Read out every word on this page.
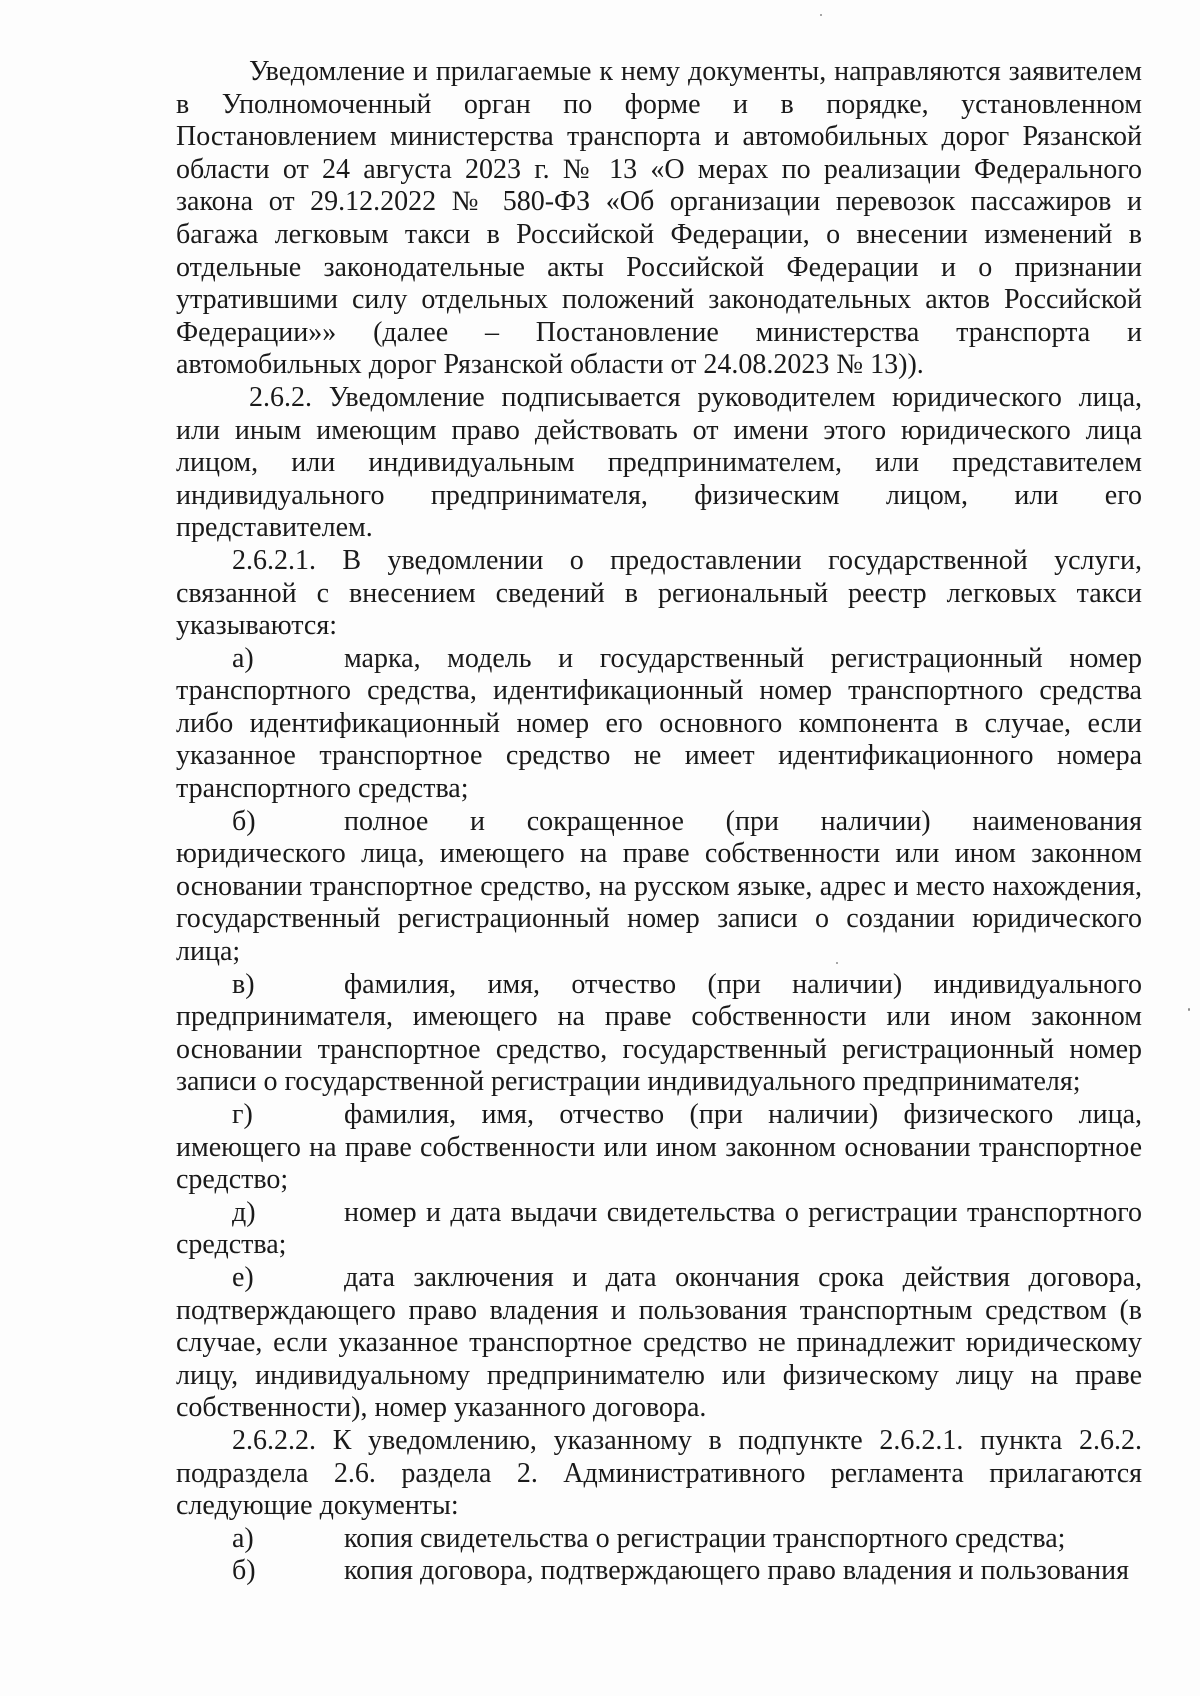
Уведомление и прилагаемые к нему документы, направляются заявителем в Уполномоченный орган по форме и в порядке, установленном Постановлением министерства транспорта и автомобильных дорог Рязанской области от 24 августа 2023 г. № 13 «О мерах по реализации Федерального закона от 29.12.2022 № 580-ФЗ «Об организации перевозок пассажиров и багажа легковым такси в Российской Федерации, о внесении изменений в отдельные законодательные акты Российской Федерации и о признании утратившими силу отдельных положений законодательных актов Российской Федерации»» (далее – Постановление министерства транспорта и автомобильных дорог Рязанской области от 24.08.2023 № 13)).

2.6.2. Уведомление подписывается руководителем юридического лица, или иным имеющим право действовать от имени этого юридического лица лицом, или индивидуальным предпринимателем, или представителем индивидуального предпринимателя, физическим лицом, или его представителем.

2.6.2.1. В уведомлении о предоставлении государственной услуги, связанной с внесением сведений в региональный реестр легковых такси указываются:

а)	марка, модель и государственный регистрационный номер транспортного средства, идентификационный номер транспортного средства либо идентификационный номер его основного компонента в случае, если указанное транспортное средство не имеет идентификационного номера транспортного средства;
б)	полное и сокращенное (при наличии) наименования юридического лица, имеющего на праве собственности или ином законном основании транспортное средство, на русском языке, адрес и место нахождения, государственный регистрационный номер записи о создании юридического лица;
в)	фамилия, имя, отчество (при наличии) индивидуального предпринимателя, имеющего на праве собственности или ином законном основании транспортное средство, государственный регистрационный номер записи о государственной регистрации индивидуального предпринимателя;
г)	фамилия, имя, отчество (при наличии) физического лица, имеющего на праве собственности или ином законном основании транспортное средство;
д)	номер и дата выдачи свидетельства о регистрации транспортного средства;
е)	дата заключения и дата окончания срока действия договора, подтверждающего право владения и пользования транспортным средством (в случае, если указанное транспортное средство не принадлежит юридическому лицу, индивидуальному предпринимателю или физическому лицу на праве собственности), номер указанного договора.

2.6.2.2. К уведомлению, указанному в подпункте 2.6.2.1. пункта 2.6.2. подраздела 2.6. раздела 2. Административного регламента прилагаются следующие документы:

а)	копия свидетельства о регистрации транспортного средства;
б)	копия договора, подтверждающего право владения и пользования
